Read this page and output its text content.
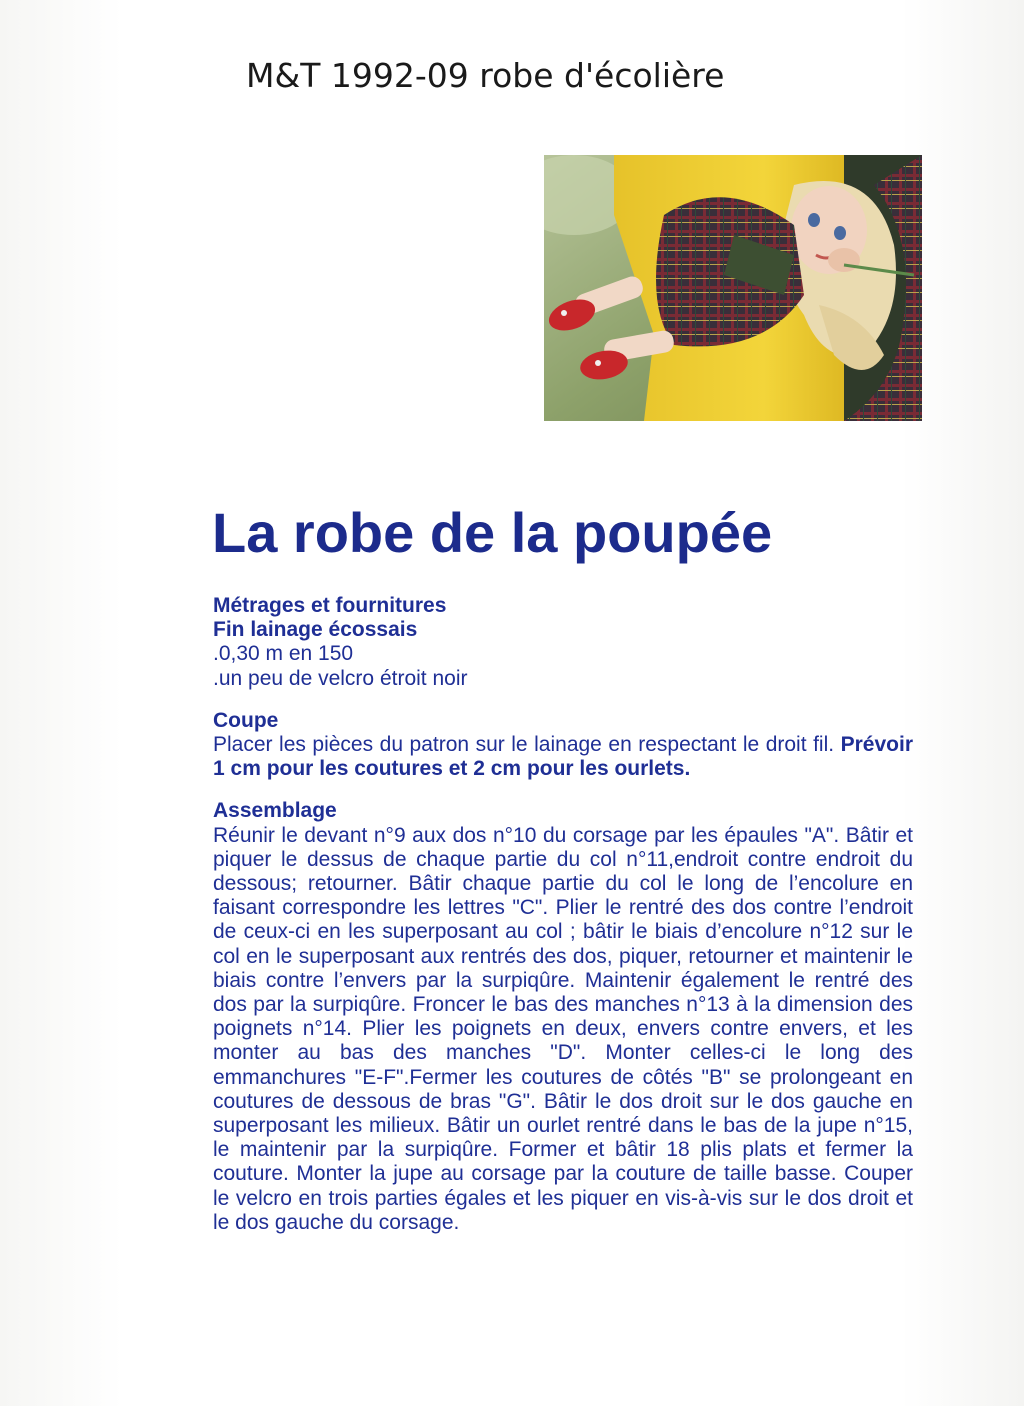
M&T 1992-09 robe d'écolière
La robe de la poupée
Métrages et fournitures
Fin lainage écossais
.0,30 m en 150
.un peu de velcro étroit noir
Coupe
Placer les pièces du patron sur le lainage en respectant le droit fil. Prévoir 1 cm pour les coutures et 2 cm pour les ourlets.
Assemblage
Réunir le devant n°9 aux dos n°10 du corsage par les épaules "A". Bâtir et piquer le dessus de chaque partie du col n°11,endroit contre endroit du dessous; retourner. Bâtir chaque partie du col le long de l’encolure en faisant correspondre les lettres "C". Plier le rentré des dos contre l’endroit de ceux-ci en les superposant au col ; bâtir le biais d’encolure n°12 sur le col en le superposant aux rentrés des dos, piquer, retourner et maintenir le biais contre l’envers par la surpiqûre. Maintenir également le rentré des dos par la surpiqûre. Froncer le bas des manches n°13 à la dimension des poignets n°14. Plier les poignets en deux, envers contre envers, et les monter au bas des manches "D". Monter celles-ci le long des emmanchures "E-F".Fermer les coutures de côtés "B" se prolongeant en coutures de dessous de bras "G". Bâtir le dos droit sur le dos gauche en superposant les milieux. Bâtir un ourlet rentré dans le bas de la jupe n°15, le maintenir par la surpiqûre. Former et bâtir 18 plis plats et fermer la couture. Monter la jupe au corsage par la couture de taille basse. Couper le velcro en trois parties égales et les piquer en vis-à-vis sur le dos droit et le dos gauche du corsage.
